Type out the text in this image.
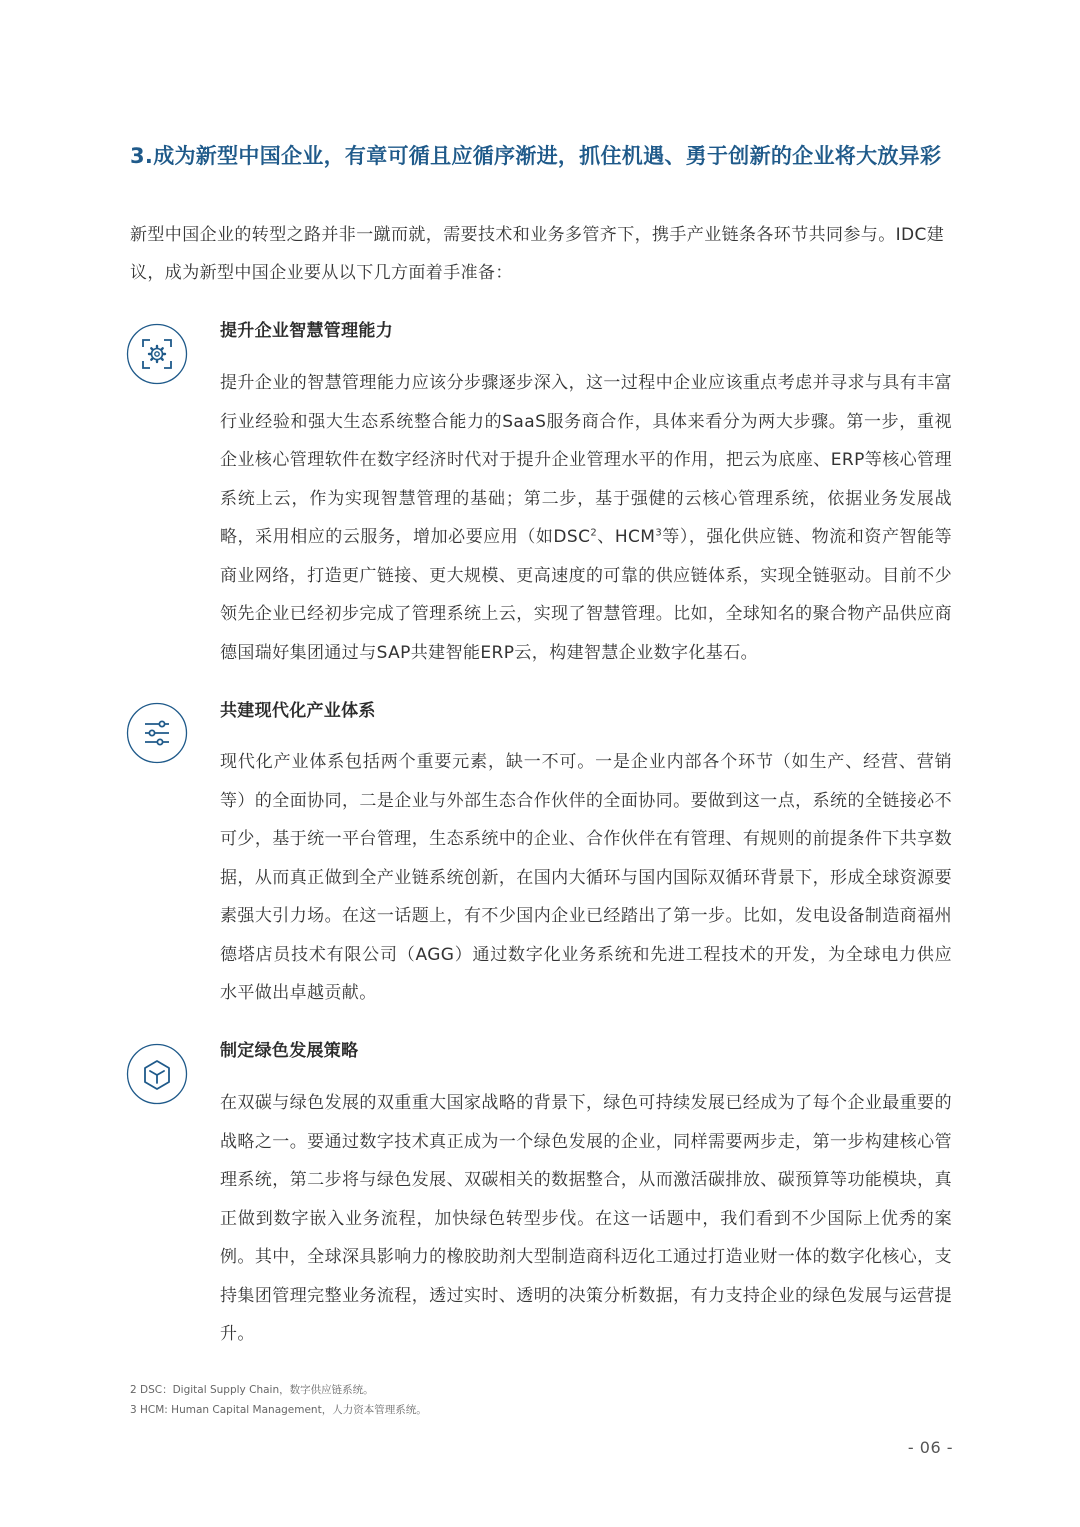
3.成为新型中国企业，有章可循且应循序渐进，抓住机遇、勇于创新的企业将大放异彩
新型中国企业的转型之路并非一蹴而就，需要技术和业务多管齐下，携手产业链条各环节共同参与。IDC建议，成为新型中国企业要从以下几方面着手准备：
提升企业智慧管理能力
提升企业的智慧管理能力应该分步骤逐步深入，这一过程中企业应该重点考虑并寻求与具有丰富行业经验和强大生态系统整合能力的SaaS服务商合作，具体来看分为两大步骤。第一步，重视企业核心管理软件在数字经济时代对于提升企业管理水平的作用，把云为底座、ERP等核心管理系统上云，作为实现智慧管理的基础；第二步，基于强健的云核心管理系统，依据业务发展战略，采用相应的云服务，增加必要应用（如DSC$^2$、HCM$^3$等），强化供应链、物流和资产智能等商业网络，打造更广链接、更大规模、更高速度的可靠的供应链体系，实现全链驱动。目前不少领先企业已经初步完成了管理系统上云，实现了智慧管理。比如，全球知名的聚合物产品供应商德国瑞好集团通过与SAP共建智能ERP云，构建智慧企业数字化基石。
共建现代化产业体系
现代化产业体系包括两个重要元素，缺一不可。一是企业内部各个环节（如生产、经营、营销等）的全面协同，二是企业与外部生态合作伙伴的全面协同。要做到这一点，系统的全链接必不可少，基于统一平台管理，生态系统中的企业、合作伙伴在有管理、有规则的前提条件下共享数据，从而真正做到全产业链系统创新，在国内大循环与国内国际双循环背景下，形成全球资源要素强大引力场。在这一话题上，有不少国内企业已经踏出了第一步。比如，发电设备制造商福州德塔店员技术有限公司（AGG）通过数字化业务系统和先进工程技术的开发，为全球电力供应水平做出卓越贡献。
制定绿色发展策略
在双碳与绿色发展的双重重大国家战略的背景下，绿色可持续发展已经成为了每个企业最重要的战略之一。要通过数字技术真正成为一个绿色发展的企业，同样需要两步走，第一步构建核心管理系统，第二步将与绿色发展、双碳相关的数据整合，从而激活碳排放、碳预算等功能模块，真正做到数字嵌入业务流程，加快绿色转型步伐。在这一话题中，我们看到不少国际上优秀的案例。其中，全球深具影响力的橡胶助剂大型制造商科迈化工通过打造业财一体的数字化核心，支持集团管理完整业务流程，透过实时、透明的决策分析数据，有力支持企业的绿色发展与运营提升。
2 DSC：Digital Supply Chain，数字供应链系统。
3 HCM: Human Capital Management，人力资本管理系统。
- 06 -
